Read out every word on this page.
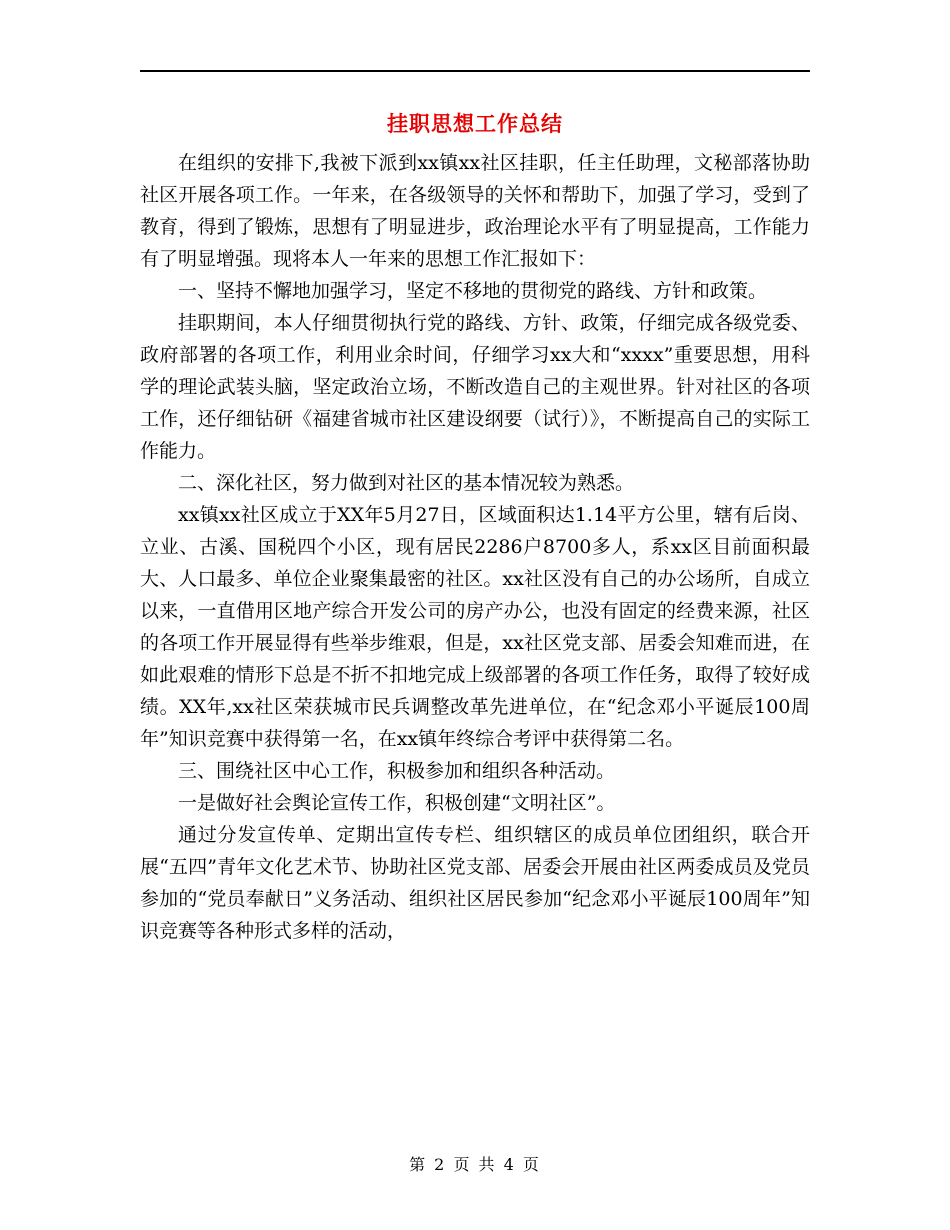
挂职思想工作总结

在组织的安排下,我被下派到xx镇xx社区挂职，任主任助理，文秘部落协助社区开展各项工作。一年来，在各级领导的关怀和帮助下，加强了学习，受到了教育，得到了锻炼，思想有了明显进步，政治理论水平有了明显提高，工作能力有了明显增强。现将本人一年来的思想工作汇报如下：

一、坚持不懈地加强学习，坚定不移地的贯彻党的路线、方针和政策。

挂职期间，本人仔细贯彻执行党的路线、方针、政策，仔细完成各级党委、政府部署的各项工作，利用业余时间，仔细学习xx大和“xxxx”重要思想，用科学的理论武装头脑，坚定政治立场，不断改造自己的主观世界。针对社区的各项工作，还仔细钻研《福建省城市社区建设纲要（试行）》，不断提高自己的实际工作能力。

二、深化社区，努力做到对社区的基本情况较为熟悉。

xx镇xx社区成立于XX年5月27日，区域面积达1.14平方公里，辖有后岗、立业、古溪、国税四个小区，现有居民2286户8700多人，系xx区目前面积最大、人口最多、单位企业聚集最密的社区。xx社区没有自己的办公场所，自成立以来，一直借用区地产综合开发公司的房产办公，也没有固定的经费来源，社区的各项工作开展显得有些举步维艰，但是，xx社区党支部、居委会知难而进，在如此艰难的情形下总是不折不扣地完成上级部署的各项工作任务，取得了较好成绩。XX年,xx社区荣获城市民兵调整改革先进单位，在“纪念邓小平诞辰100周年”知识竞赛中获得第一名，在xx镇年终综合考评中获得第二名。

三、围绕社区中心工作，积极参加和组织各种活动。

一是做好社会舆论宣传工作，积极创建“文明社区”。

通过分发宣传单、定期出宣传专栏、组织辖区的成员单位团组织，联合开展“五四”青年文化艺术节、协助社区党支部、居委会开展由社区两委成员及党员参加的“党员奉献日”义务活动、组织社区居民参加“纪念邓小平诞辰100周年”知识竞赛等各种形式多样的活动，

第 2 页 共 4 页
